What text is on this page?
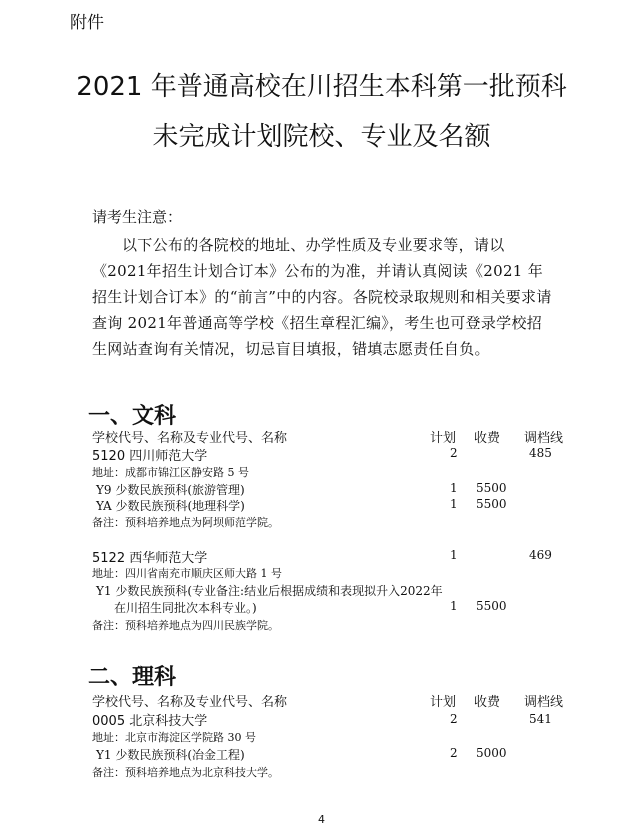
附件
2021 年普通高校在川招生本科第一批预科
未完成计划院校、专业及名额
请考生注意：
以下公布的各院校的地址、办学性质及专业要求等，请以《2021年招生计划合订本》公布的为准，并请认真阅读《2021 年招生计划合订本》的“前言”中的内容。各院校录取规则和相关要求请查询 2021年普通高等学校《招生章程汇编》，考生也可登录学校招生网站查询有关情况，切忌盲目填报，错填志愿责任自负。
一、文科
学校代号、名称及专业代号、名称	计划 收费 调档线
5120 四川师范大学	2	485
地址：成都市锦江区静安路 5 号
Y9 少数民族预科(旅游管理)	1 5500
YA 少数民族预科(地理科学)	1 5500
备注：预科培养地点为阿坝师范学院。
5122 西华师范大学	1	469
地址：四川省南充市顺庆区师大路 1 号
Y1 少数民族预科(专业备注:结业后根据成绩和表现拟升入2022年
在川招生同批次本科专业。)	1 5500
备注：预科培养地点为四川民族学院。
二、理科
学校代号、名称及专业代号、名称	计划 收费 调档线
0005 北京科技大学	2	541
地址：北京市海淀区学院路 30 号
Y1 少数民族预科(冶金工程)	2 5000
备注：预科培养地点为北京科技大学。
4
